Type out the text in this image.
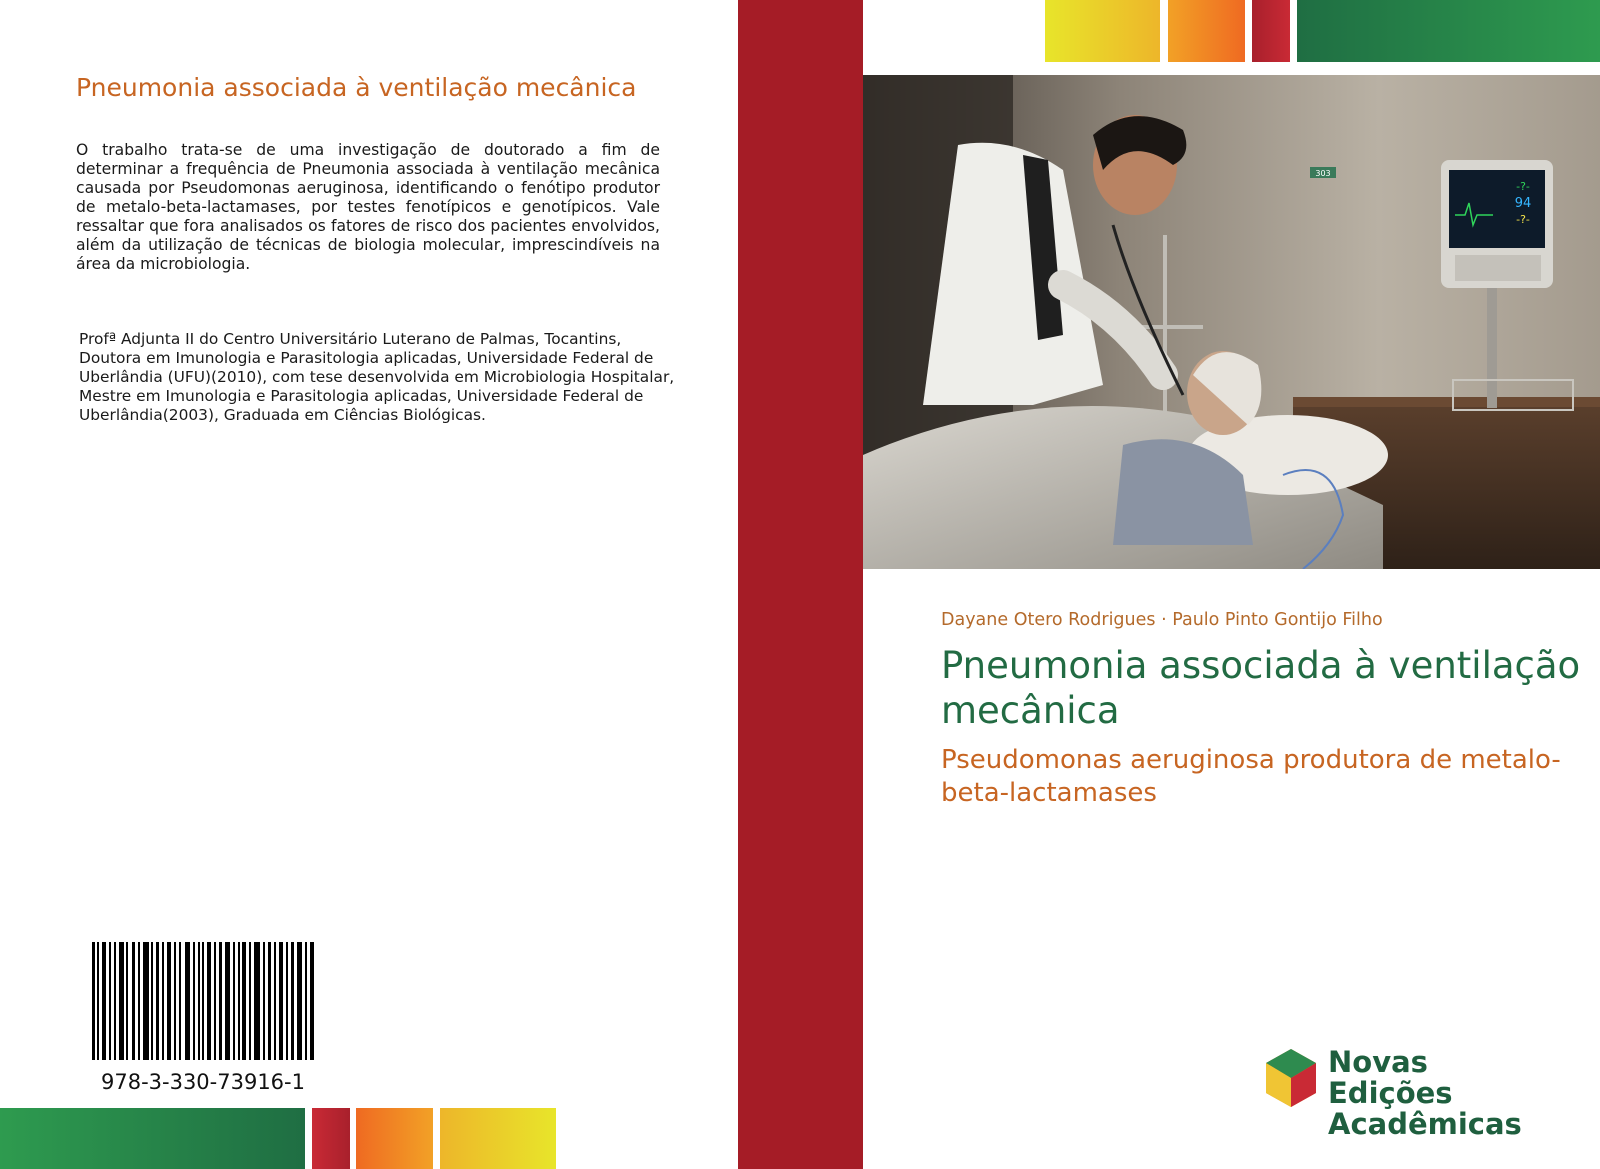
Pneumonia associada à ventilação mecânica

O trabalho trata-se de uma investigação de doutorado a fim de determinar a frequência de Pneumonia associada à ventilação mecânica causada por Pseudomonas aeruginosa, identificando o fenótipo produtor de metalo-beta-lactamases, por testes fenotípicos e genotípicos. Vale ressaltar que fora analisados os fatores de risco dos pacientes envolvidos, além da utilização de técnicas de biologia molecular, imprescindíveis na área da microbiologia.

Profª Adjunta II do Centro Universitário Luterano de Palmas, Tocantins, Doutora em Imunologia e Parasitologia aplicadas, Universidade Federal de Uberlândia (UFU)(2010), com tese desenvolvida em Microbiologia Hospitalar, Mestre em Imunologia e Parasitologia aplicadas, Universidade Federal de Uberlândia(2003), Graduada em Ciências Biológicas.

978-3-330-73916-1
303
-?-
94
-?-

Dayane Otero Rodrigues · Paulo Pinto Gontijo Filho

Pneumonia associada à ventilação mecânica

Pseudomonas aeruginosa produtora de metalo-beta-lactamases

Novas Edições
Acadêmicas
